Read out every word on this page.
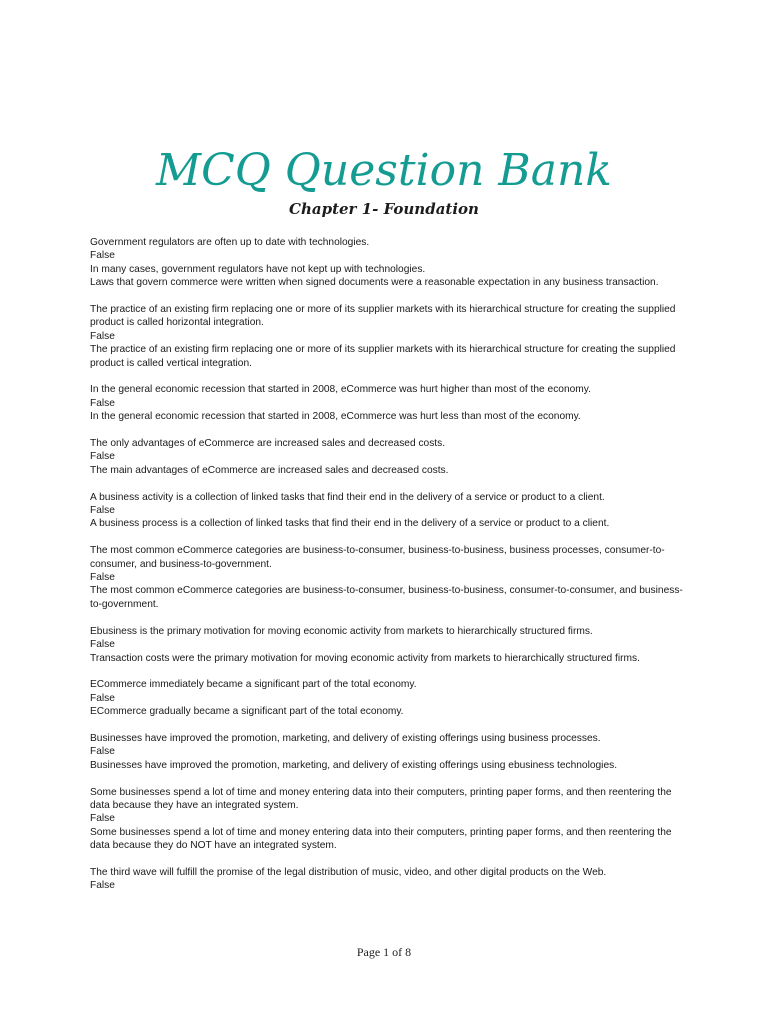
MCQ Question Bank
Chapter 1- Foundation
Government regulators are often up to date with technologies.
False
In many cases, government regulators have not kept up with technologies.
Laws that govern commerce were written when signed documents were a reasonable expectation in any business transaction.
The practice of an existing firm replacing one or more of its supplier markets with its hierarchical structure for creating the supplied product is called horizontal integration.
False
The practice of an existing firm replacing one or more of its supplier markets with its hierarchical structure for creating the supplied product is called vertical integration.
In the general economic recession that started in 2008, eCommerce was hurt higher than most of the economy.
False
In the general economic recession that started in 2008, eCommerce was hurt less than most of the economy.
The only advantages of eCommerce are increased sales and decreased costs.
False
The main advantages of eCommerce are increased sales and decreased costs.
A business activity is a collection of linked tasks that find their end in the delivery of a service or product to a client.
False
A business process is a collection of linked tasks that find their end in the delivery of a service or product to a client.
The most common eCommerce categories are business-to-consumer, business-to-business, business processes, consumer-to-consumer, and business-to-government.
False
The most common eCommerce categories are business-to-consumer, business-to-business, consumer-to-consumer, and business-to-government.
Ebusiness is the primary motivation for moving economic activity from markets to hierarchically structured firms.
False
Transaction costs were the primary motivation for moving economic activity from markets to hierarchically structured firms.
ECommerce immediately became a significant part of the total economy.
False
ECommerce gradually became a significant part of the total economy.
Businesses have improved the promotion, marketing, and delivery of existing offerings using business processes.
False
Businesses have improved the promotion, marketing, and delivery of existing offerings using ebusiness technologies.
Some businesses spend a lot of time and money entering data into their computers, printing paper forms, and then reentering the data because they have an integrated system.
False
Some businesses spend a lot of time and money entering data into their computers, printing paper forms, and then reentering the data because they do NOT have an integrated system.
The third wave will fulfill the promise of the legal distribution of music, video, and other digital products on the Web.
False
Page 1 of 8
